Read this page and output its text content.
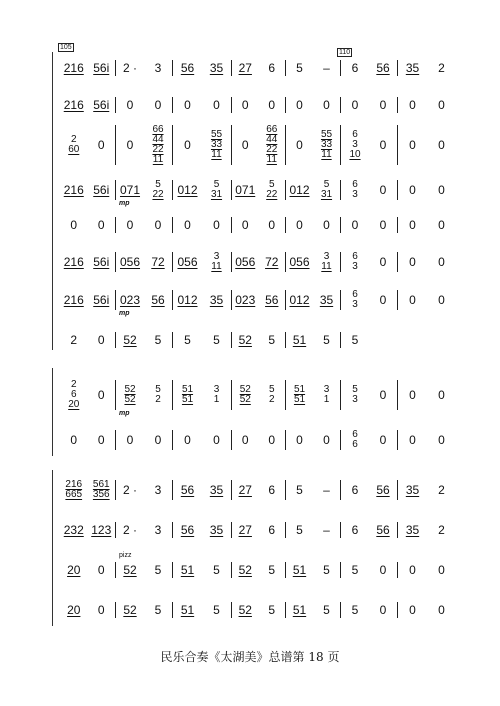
216 56i 2 · 3 56 35 27 6 5 – 6 56 35 2
216 56i 0 0 0 0 0 0 0 0 0 0 0 0
2
60 0 0
66
44
22
11
0
55
33
11
0
66
44
22
11
0
55
33
11
6
3
10
0 0 0
216 56i 071 5
22
mp
012 5
31 071 5
22 012 5
31
6
3 0 0 0
0 0 0 0 0 0 0 0 0 0 0 0 0 0
216 56i 056 72 056 3
11 056 72 056 3
11
6
3 0 0 0
216 56i 023 56
mp
012 35 023 56 012 35 6
3 0 0 0
2 0 52 5 5 5 52 5 51 5 5
2
6
20
0 52
52
5
2
mp
51
51
3
1
52
52
5
2
51
51
3
1
5
3 0 0 0
0 0 0 0 0 0 0 0 0 0 6
6 0 0 0
216
665
561
356 2 · 3 56 35 27 6 5 – 6 56 35 2
232 123 2 · 3 56 35 27 6 5 – 6 56 35 2
20 0 52 5
pizz
51 5 52 5 51 5 5 0 0 0
20 0 52 5 51 5 52 5 51 5 5 0 0 0
105
110
民乐合奏《太湖美》总谱第 18 页
